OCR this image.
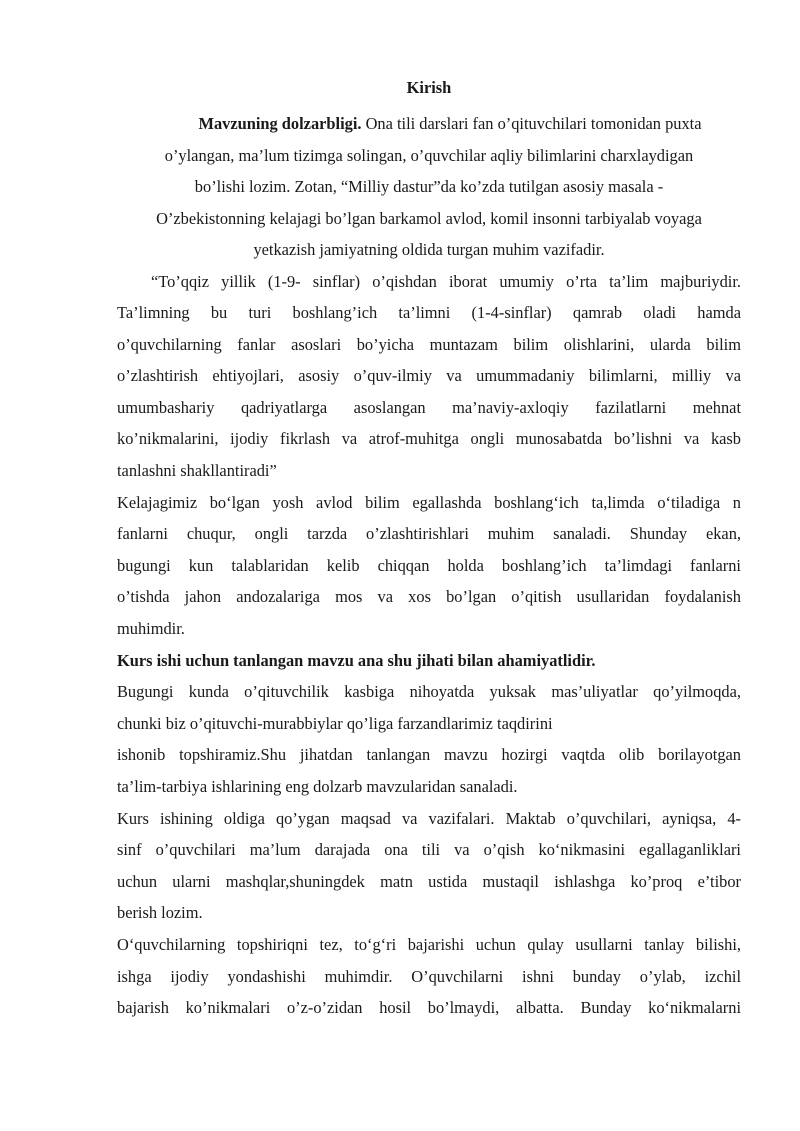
Kirish
Mavzuning dolzarbligi. Ona tili darslari fan o’qituvchilari tomonidan puxta
o’ylangan, ma’lum tizimga solingan, o’quvchilar aqliy bilimlarini charxlaydigan
bo’lishi lozim. Zotan, “Milliy dastur”da ko’zda tutilgan asosiy masala -
O’zbekistonning kelajagi bo’lgan barkamol avlod, komil insonni tarbiyalab voyaga
yetkazish jamiyatning oldida turgan muhim vazifadir.
“To’qqiz yillik (1-9- sinflar) o’qishdan iborat umumiy o’rta ta’lim majburiydir.
Ta’limning bu turi boshlang’ich ta’limni (1-4-sinflar) qamrab oladi hamda
o’quvchilarning fanlar asoslari bo’yicha muntazam bilim olishlarini, ularda bilim
o’zlashtirish ehtiyojlari, asosiy o’quv-ilmiy va umummadaniy bilimlarni, milliy va
umumbashariy qadriyatlarga asoslangan ma’naviy-axloqiy fazilatlarni mehnat
ko’nikmalarini, ijodiy fikrlash va atrof-muhitga ongli munosabatda bo’lishni va kasb
tanlashni shakllantiradi”
Kelajagimiz bo‘lgan yosh avlod bilim egallashda boshlang‘ich ta,limda o‘tiladiga n
fanlarni chuqur, ongli tarzda o’zlashtirishlari muhim sanaladi. Shunday ekan,
bugungi kun talablaridan kelib chiqqan holda boshlang’ich ta’limdagi fanlarni
o’tishda jahon andozalariga mos va xos bo’lgan o’qitish usullaridan foydalanish
muhimdir.
Kurs ishi uchun tanlangan mavzu ana shu jihati bilan ahamiyatlidir.
Bugungi kunda o’qituvchilik kasbiga nihoyatda yuksak mas’uliyatlar qo’yilmoqda,
chunki biz o’qituvchi-murabbiylar qo’liga farzandlarimiz taqdirini
ishonib topshiramiz.Shu jihatdan tanlangan mavzu hozirgi vaqtda olib borilayotgan
ta’lim-tarbiya ishlarining eng dolzarb mavzularidan sanaladi.
Kurs ishining oldiga qo’ygan maqsad va vazifalari. Maktab o’quvchilari, ayniqsa, 4-
sinf o’quvchilari ma’lum darajada ona tili va o’qish ko‘nikmasini egallaganliklari
uchun ularni mashqlar,shuningdek matn ustida mustaqil ishlashga ko’proq e’tibor
berish lozim.
O‘quvchilarning topshiriqni tez, to‘g‘ri bajarishi uchun qulay usullarni tanlay bilishi,
ishga ijodiy yondashishi muhimdir. O’quvchilarni ishni bunday o’ylab, izchil
bajarish ko’nikmalari o’z-o’zidan hosil bo’lmaydi, albatta. Bunday ko‘nikmalarni
